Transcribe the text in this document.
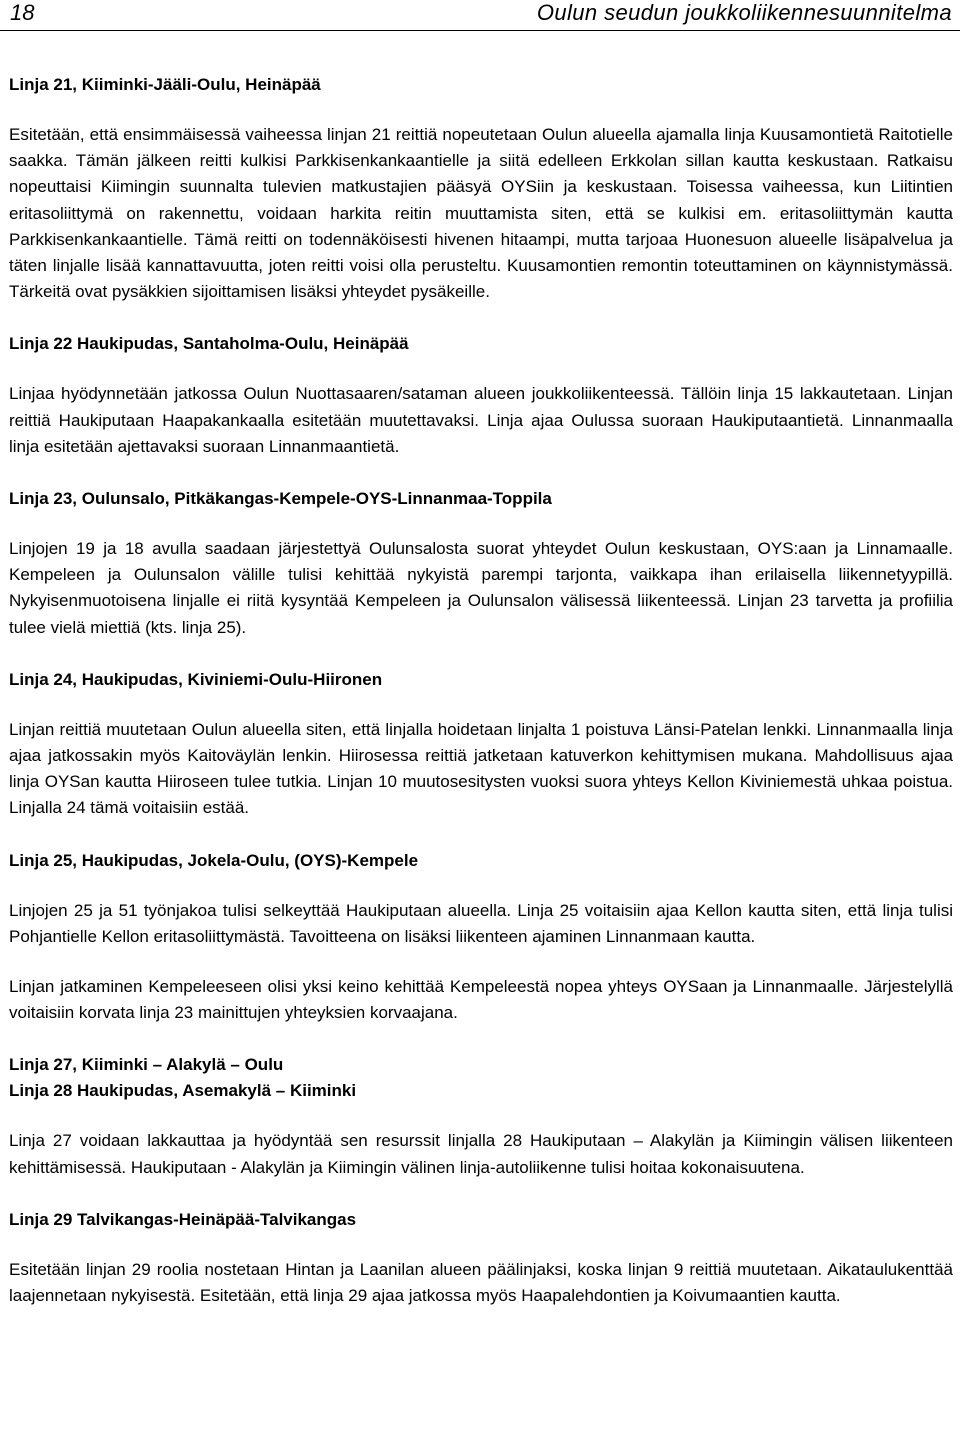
18	Oulun seudun joukkoliikennesuunnitelma
Linja 21, Kiiminki-Jääli-Oulu, Heinäpää

Esitetään, että ensimmäisessä vaiheessa linjan 21 reittiä nopeutetaan Oulun alueella ajamalla linja Kuusamontietä Raitotielle saakka. Tämän jälkeen reitti kulkisi Parkkisenkankaantielle ja siitä edelleen Erkkolan sillan kautta keskustaan. Ratkaisu nopeuttaisi Kiimingin suunnalta tulevien matkustajien pääsyä OYSiin ja keskustaan. Toisessa vaiheessa, kun Liitintien eritasoliittymä on rakennettu, voidaan harkita reitin muuttamista siten, että se kulkisi em. eritasoliittymän kautta Parkkisenkankaantielle. Tämä reitti on todennäköisesti hivenen hitaampi, mutta tarjoaa Huonesuon alueelle lisäpalvelua ja täten linjalle lisää kannattavuutta, joten reitti voisi olla perusteltu. Kuusamontien remontin toteuttaminen on käynnistymässä. Tärkeitä ovat pysäkkien sijoittamisen lisäksi yhteydet pysäkeille.

Linja 22 Haukipudas, Santaholma-Oulu, Heinäpää

Linjaa hyödynnetään jatkossa Oulun Nuottasaaren/sataman alueen joukkoliikenteessä. Tällöin linja 15 lakkautetaan. Linjan reittiä Haukiputaan Haapakankaalla esitetään muutettavaksi. Linja ajaa Oulussa suoraan Haukiputaantietä. Linnanmaalla linja esitetään ajettavaksi suoraan Linnanmaantietä.

Linja 23, Oulunsalo, Pitkäkangas-Kempele-OYS-Linnanmaa-Toppila

Linjojen 19 ja 18 avulla saadaan järjestettyä Oulunsalosta suorat yhteydet Oulun keskustaan, OYS:aan ja Linnamaalle. Kempeleen ja Oulunsalon välille tulisi kehittää nykyistä parempi tarjonta, vaikkapa ihan erilaisella liikennetyypillä. Nykyisenmuotoisena linjalle ei riitä kysyntää Kempeleen ja Oulunsalon välisessä liikenteessä. Linjan 23 tarvetta ja profiilia tulee vielä miettiä (kts. linja 25).

Linja 24, Haukipudas, Kiviniemi-Oulu-Hiironen

Linjan reittiä muutetaan Oulun alueella siten, että linjalla hoidetaan linjalta 1 poistuva Länsi-Patelan lenkki. Linnanmaalla linja ajaa jatkossakin myös Kaitoväylän lenkin. Hiirosessa reittiä jatketaan katuverkon kehittymisen mukana. Mahdollisuus ajaa linja OYSan kautta Hiiroseen tulee tutkia. Linjan 10 muutosesitysten vuoksi suora yhteys Kellon Kiviniemestä uhkaa poistua. Linjalla 24 tämä voitaisiin estää.

Linja 25, Haukipudas, Jokela-Oulu, (OYS)-Kempele

Linjojen 25 ja 51 työnjakoa tulisi selkeyttää Haukiputaan alueella. Linja 25 voitaisiin ajaa Kellon kautta siten, että linja tulisi Pohjantielle Kellon eritasoliittymästä. Tavoitteena on lisäksi liikenteen ajaminen Linnanmaan kautta.

Linjan jatkaminen Kempeleeseen olisi yksi keino kehittää Kempeleestä nopea yhteys OYSaan ja Linnanmaalle. Järjestelyllä voitaisiin korvata linja 23 mainittujen yhteyksien korvaajana.

Linja 27, Kiiminki – Alakylä – Oulu
Linja 28 Haukipudas, Asemakylä – Kiiminki

Linja 27 voidaan lakkauttaa ja hyödyntää sen resurssit linjalla 28 Haukiputaan – Alakylän ja Kiimingin välisen liikenteen kehittämisessä. Haukiputaan - Alakylän ja Kiimingin välinen linja-autoliikenne tulisi hoitaa kokonaisuutena.

Linja 29 Talvikangas-Heinäpää-Talvikangas

Esitetään linjan 29 roolia nostetaan Hintan ja Laanilan alueen päälinjaksi, koska linjan 9 reittiä muutetaan. Aikataulukenttää laajennetaan nykyisestä. Esitetään, että linja 29 ajaa jatkossa myös Haapalehdontien ja Koivumaantien kautta.
